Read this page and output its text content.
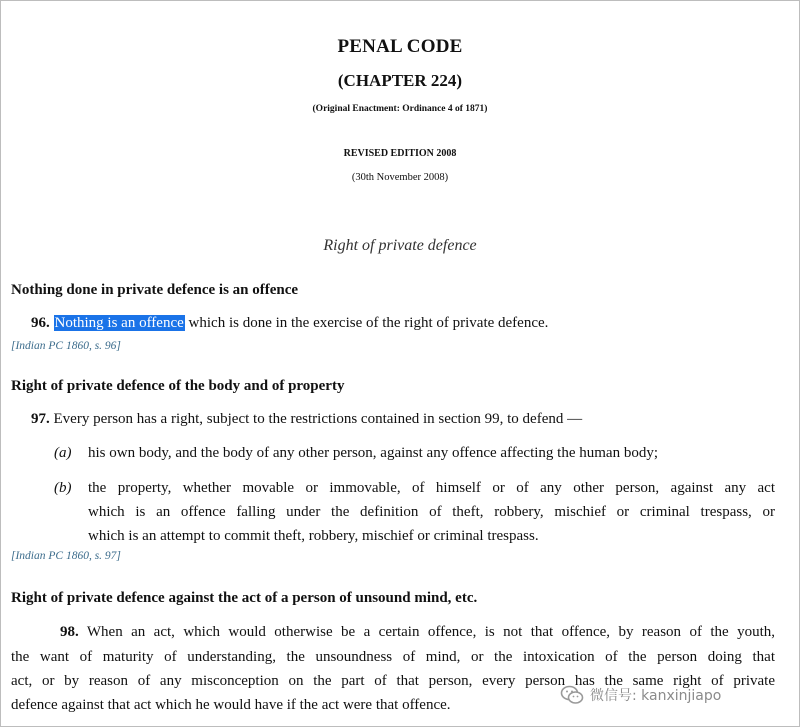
PENAL CODE
(CHAPTER 224)
(Original Enactment: Ordinance 4 of 1871)
REVISED EDITION 2008
(30th November 2008)
Right of private defence
Nothing done in private defence is an offence
96. Nothing is an offence which is done in the exercise of the right of private defence.
[Indian PC 1860, s. 96]
Right of private defence of the body and of property
97. Every person has a right, subject to the restrictions contained in section 99, to defend —
(a) his own body, and the body of any other person, against any offence affecting the human body;
(b) the property, whether movable or immovable, of himself or of any other person, against any act
which is an offence falling under the definition of theft, robbery, mischief or criminal trespass, or
which is an attempt to commit theft, robbery, mischief or criminal trespass.
[Indian PC 1860, s. 97]
Right of private defence against the act of a person of unsound mind, etc.
98. When an act, which would otherwise be a certain offence, is not that offence, by reason of the youth,
the want of maturity of understanding, the unsoundness of mind, or the intoxication of the person doing that
act, or by reason of any misconception on the part of that person, every person has the same right of private
defence against that act which he would have if the act were that offence.
微信号: kanxinjiapo
